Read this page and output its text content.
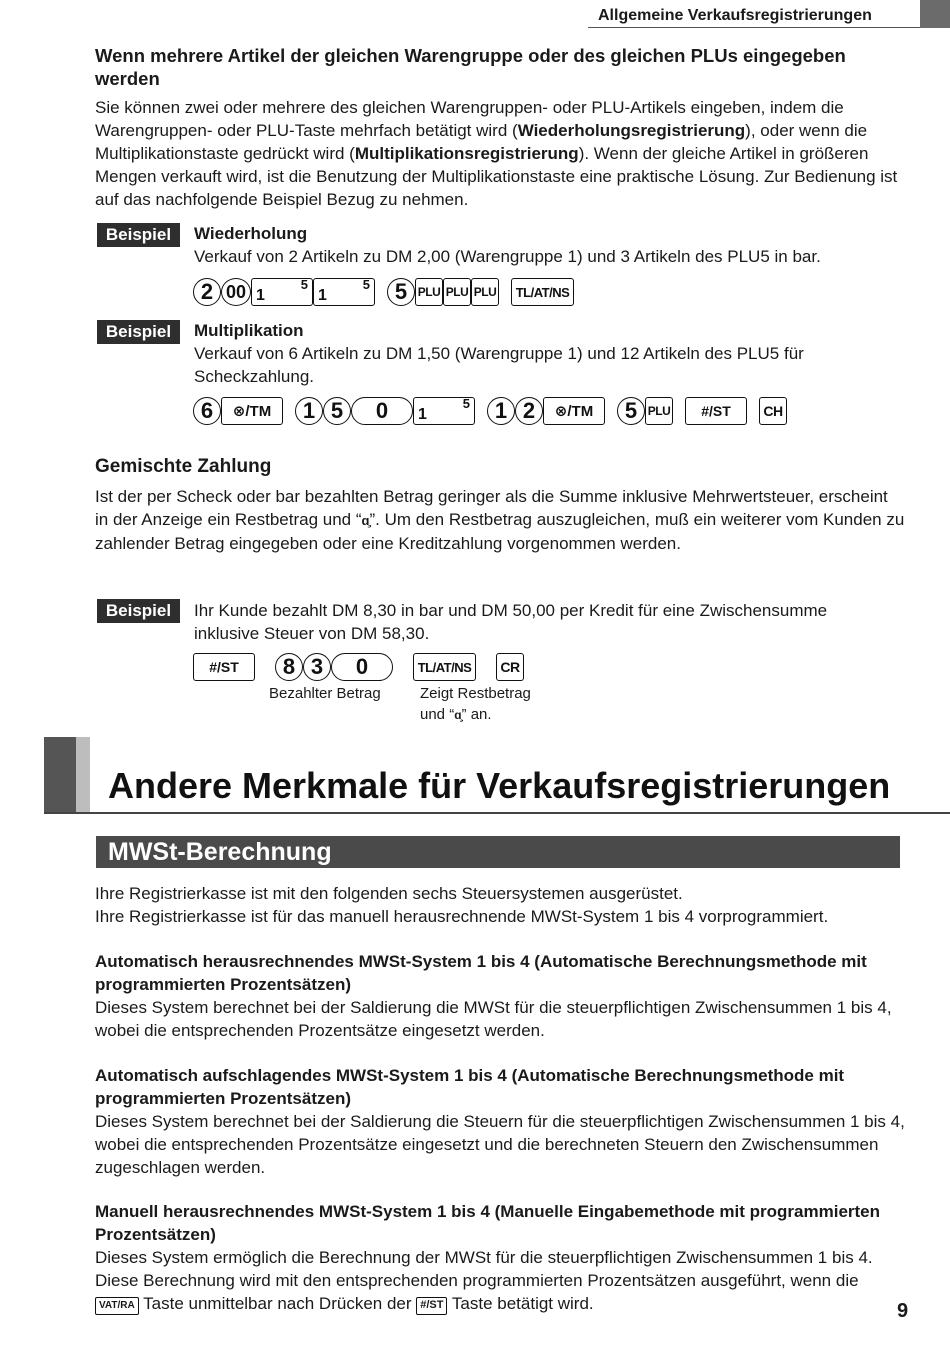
Allgemeine Verkaufsregistrierungen
Wenn mehrere Artikel der gleichen Warengruppe oder des gleichen PLUs eingegeben werden
Sie können zwei oder mehrere des gleichen Warengruppen- oder PLU-Artikels eingeben, indem die Warengruppen- oder PLU-Taste mehrfach betätigt wird (Wiederholungsregistrierung), oder wenn die Multiplikationstaste gedrückt wird (Multiplikationsregistrierung). Wenn der gleiche Artikel in größeren Mengen verkauft wird, ist die Benutzung der Multiplikationstaste eine praktische Lösung. Zur Bedienung ist auf das nachfolgende Beispiel Bezug zu nehmen.
Beispiel	Wiederholung
Verkauf von 2 Artikeln zu DM 2,00 (Warengruppe 1) und 3 Artikeln des PLU5 in bar.
2 00 1
5
1
5	5 PLU PLU PLU	TL/AT/NS
Beispiel	Multiplikation
Verkauf von 6 Artikeln zu DM 1,50 (Warengruppe 1) und 12 Artikeln des PLU5 für Scheckzahlung.
6	⊗/TM	1 5	0	1
5	1 2	⊗/TM	5 PLU	#/ST	CH
Gemischte Zahlung
Ist der per Scheck oder bar bezahlten Betrag geringer als die Summe inklusive Mehrwertsteuer, erscheint in der Anzeige ein Restbetrag und “ɑ̧”. Um den Restbetrag auszugleichen, muß ein weiterer vom Kunden zu zahlender Betrag eingegeben oder eine Kreditzahlung vorgenommen werden.
Beispiel	Ihr Kunde bezahlt DM 8,30 in bar und DM 50,00 per Kredit für eine Zwischensumme inklusive Steuer von DM 58,30.
#/ST	8 3	0	TL/AT/NS	CR
Bezahlter Betrag	Zeigt Restbetrag
und “ɑ̧” an.
Andere Merkmale für Verkaufsregistrierungen
MWSt-Berechnung
Ihre Registrierkasse ist mit den folgenden sechs Steuersystemen ausgerüstet.
Ihre Registrierkasse ist für das manuell herausrechnende MWSt-System 1 bis 4 vorprogrammiert.
Automatisch herausrechnendes MWSt-System 1 bis 4 (Automatische Berechnungsmethode mit programmierten Prozentsätzen)
Dieses System berechnet bei der Saldierung die MWSt für die steuerpflichtigen Zwischensummen 1 bis 4, wobei die entsprechenden Prozentsätze eingesetzt werden.
Automatisch aufschlagendes MWSt-System 1 bis 4 (Automatische Berechnungsmethode mit programmierten Prozentsätzen)
Dieses System berechnet bei der Saldierung die Steuern für die steuerpflichtigen Zwischensummen 1 bis 4, wobei die entsprechenden Prozentsätze eingesetzt und die berechneten Steuern den Zwischensummen zugeschlagen werden.
Manuell herausrechnendes MWSt-System 1 bis 4 (Manuelle Eingabemethode mit programmierten Prozentsätzen)
Dieses System ermöglich die Berechnung der MWSt für die steuerpflichtigen Zwischensummen 1 bis 4. Diese Berechnung wird mit den entsprechenden programmierten Prozentsätzen ausgeführt, wenn die VAT/RA Taste unmittelbar nach Drücken der #/ST Taste betätigt wird.	9
